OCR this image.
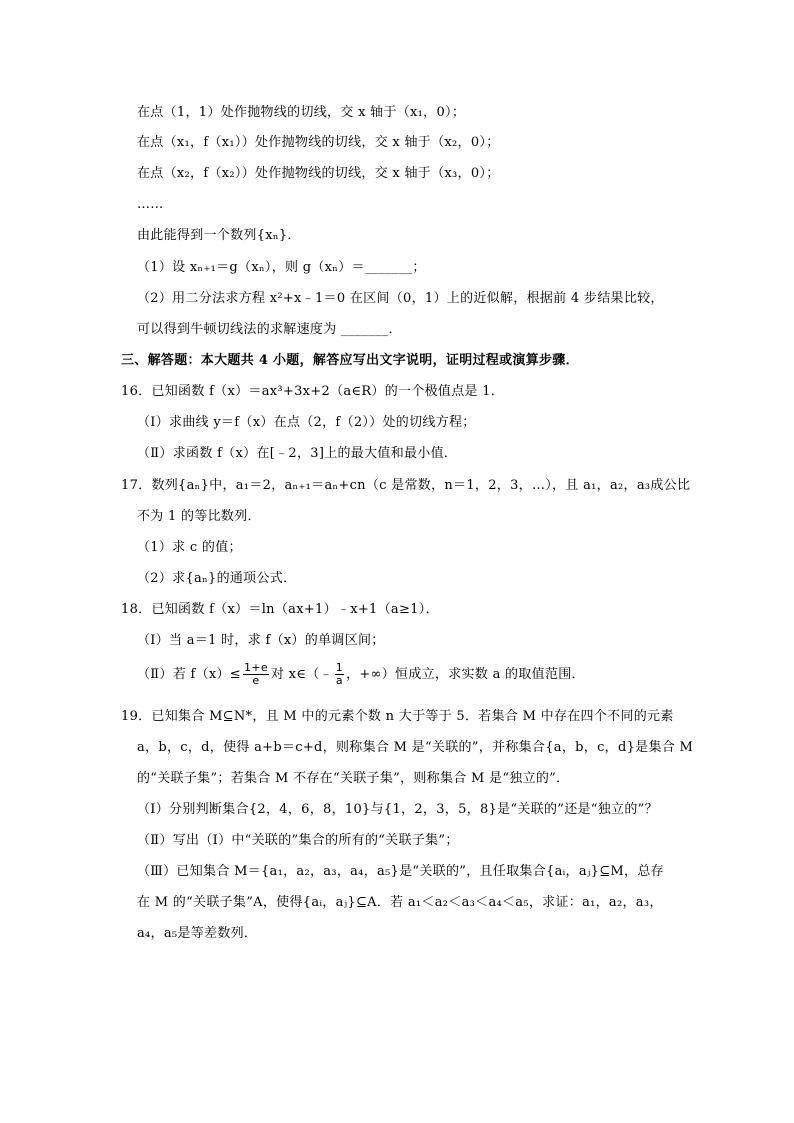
在点（1，1）处作抛物线的切线，交 x 轴于（x₁，0）；
在点（x₁，f（x₁））处作抛物线的切线，交 x 轴于（x₂，0）；
在点（x₂，f（x₂））处作抛物线的切线，交 x 轴于（x₃，0）；
……
由此能得到一个数列{xₙ}．
（1）设 xₙ₊₁＝g（xₙ），则 g（xₙ）＝_______；
（2）用二分法求方程 x²+x﹣1＝0 在区间（0，1）上的近似解，根据前 4 步结果比较，
可以得到牛顿切线法的求解速度为 _______．
三、解答题：本大题共 4 小题，解答应写出文字说明，证明过程或演算步骤．
16．已知函数 f（x）＝ax³+3x+2（a∈R）的一个极值点是 1．
（Ⅰ）求曲线 y＝f（x）在点（2，f（2））处的切线方程；
（Ⅱ）求函数 f（x）在[﹣2，3]上的最大值和最小值．
17．数列{aₙ}中，a₁＝2，aₙ₊₁＝aₙ+cn（c 是常数，n＝1，2，3，…），且 a₁，a₂，a₃成公比
不为 1 的等比数列．
（1）求 c 的值；
（2）求{aₙ}的通项公式．
18．已知函数 f（x）＝ln（ax+1）﹣x+1（a≥1）．
（Ⅰ）当 a＝1 时，求 f（x）的单调区间；
（Ⅱ）若 $f(x)\le \frac{1+e}{e}$ 对 x∈（﹣ $\frac{1}{a}$ ，+∞）恒成立，求实数 a 的取值范围．
19．已知集合 M⊆N*，且 M 中的元素个数 n 大于等于 5．若集合 M 中存在四个不同的元素
a，b，c，d，使得 a+b＝c+d，则称集合 M 是“关联的”，并称集合{a，b，c，d}是集合 M
的“关联子集”；若集合 M 不存在“关联子集”，则称集合 M 是“独立的”．
（Ⅰ）分别判断集合{2，4，6，8，10}与{1，2，3，5，8}是“关联的”还是“独立的”？
（Ⅱ）写出（Ⅰ）中“关联的”集合的所有的“关联子集”；
（Ⅲ）已知集合 M＝{a₁，a₂，a₃，a₄，a₅}是“关联的”，且任取集合{aᵢ，aⱼ}⊆M，总存
在 M 的“关联子集”A，使得{aᵢ，aⱼ}⊆A．若 a₁＜a₂＜a₃＜a₄＜a₅，求证：a₁，a₂，a₃，
a₄，a₅是等差数列．
